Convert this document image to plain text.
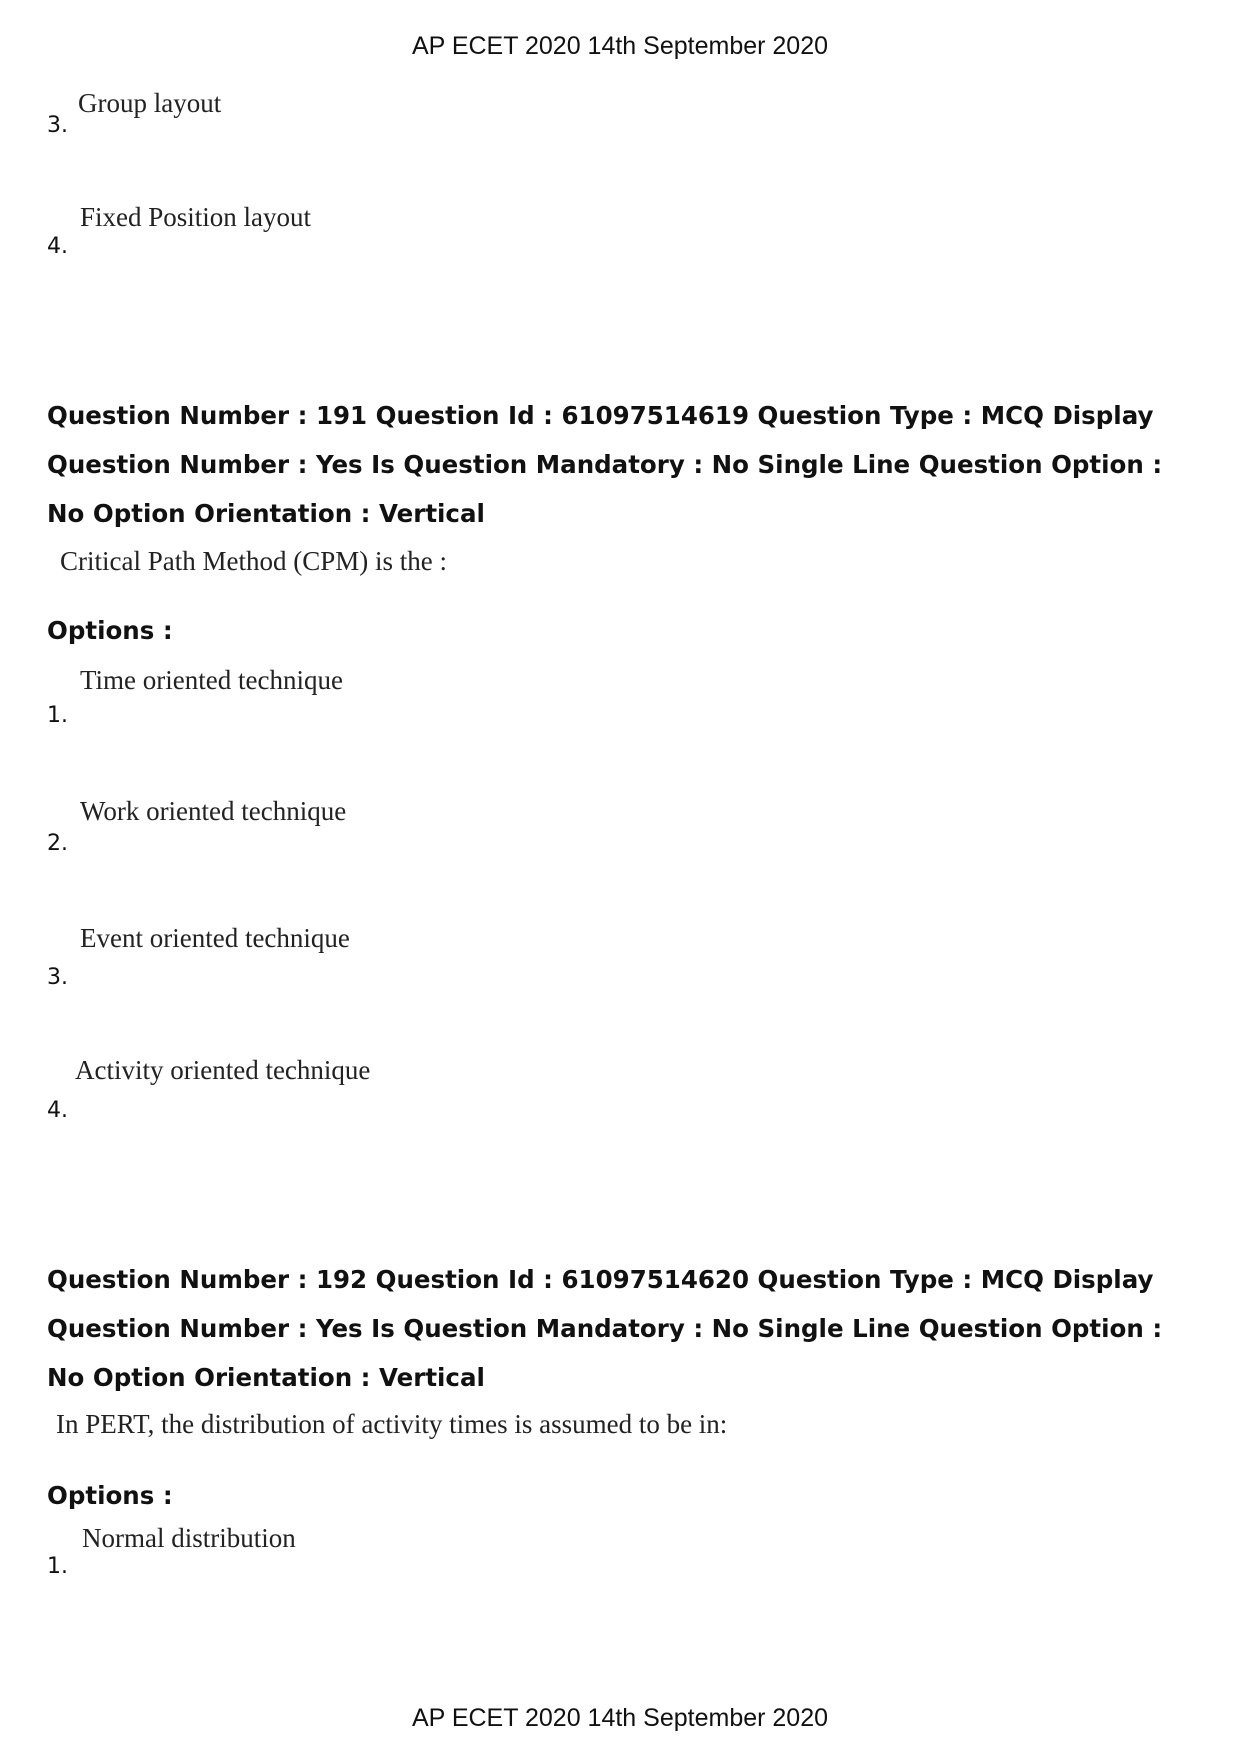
AP ECET 2020 14th September 2020
Group layout
3.
Fixed Position layout
4.

Question Number : 191 Question Id : 61097514619 Question Type : MCQ Display Question Number : Yes Is Question Mandatory : No Single Line Question Option : No Option Orientation : Vertical

Critical Path Method (CPM) is the :
Options :
Time oriented technique
1.
Work oriented technique
2.
Event oriented technique
3.
Activity oriented technique
4.

Question Number : 192 Question Id : 61097514620 Question Type : MCQ Display Question Number : Yes Is Question Mandatory : No Single Line Question Option : No Option Orientation : Vertical

In PERT, the distribution of activity times is assumed to be in:
Options :
Normal distribution
1.
AP ECET 2020 14th September 2020
